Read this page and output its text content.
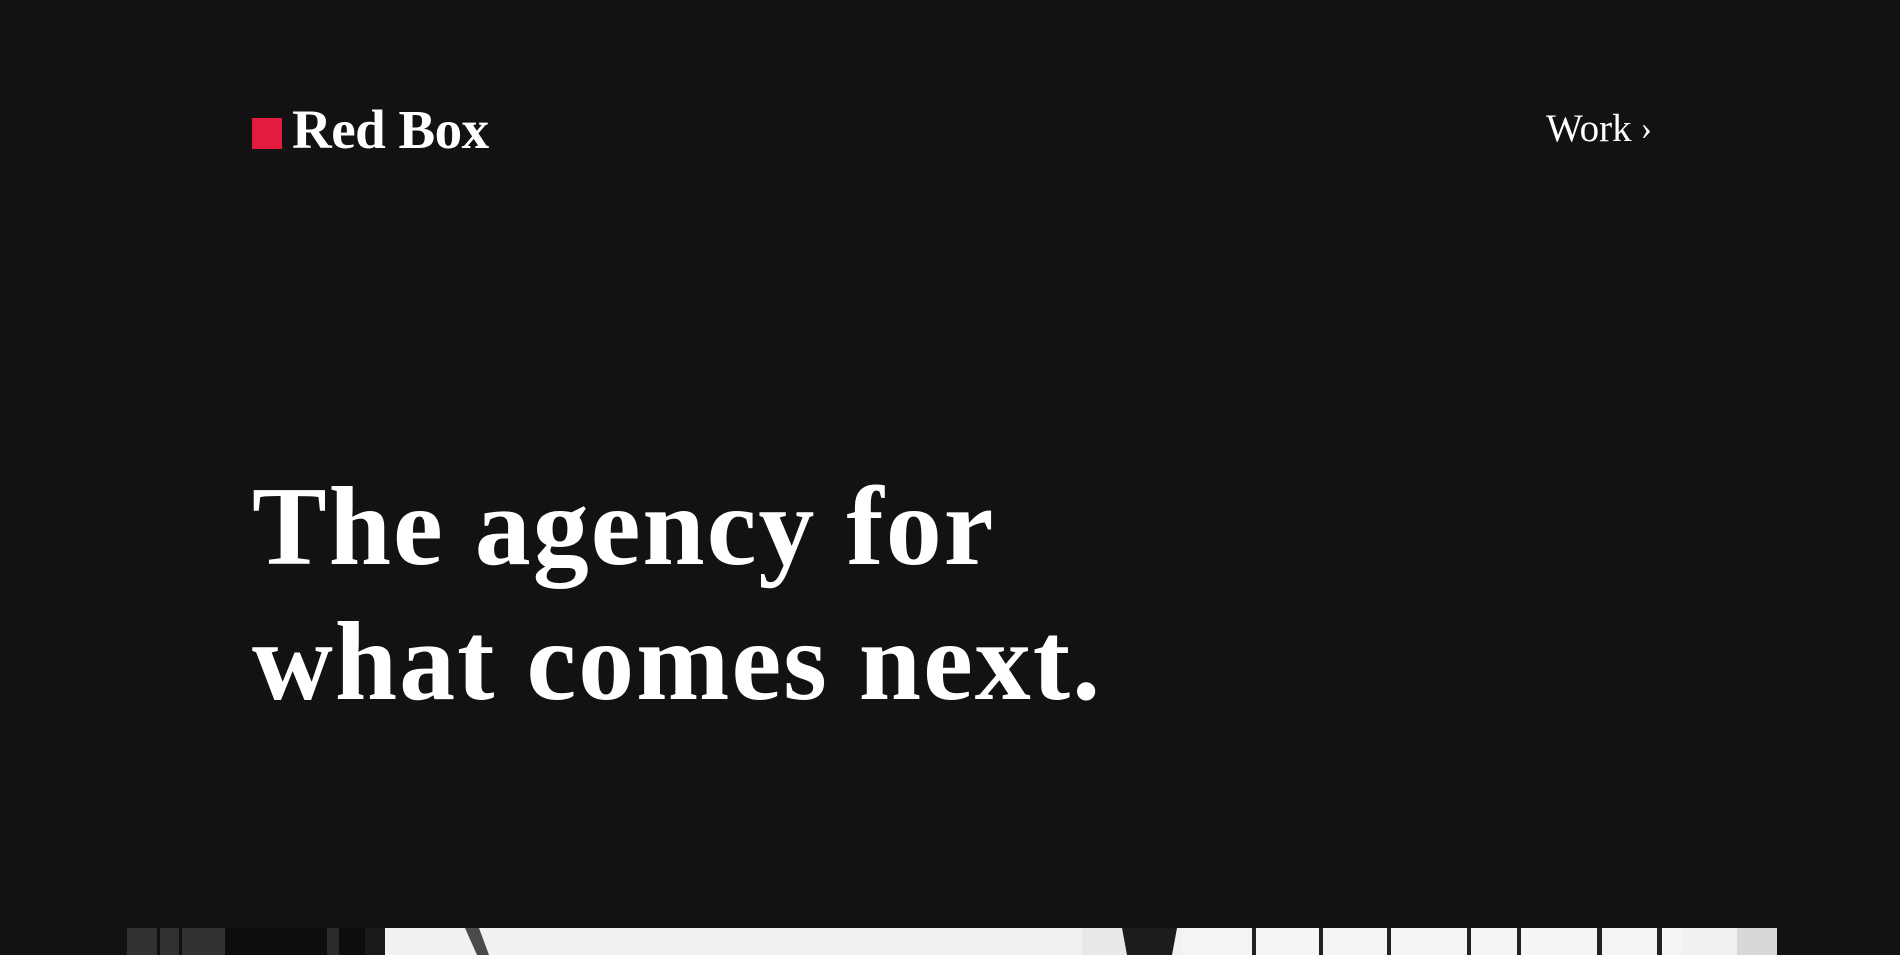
Red Box	Work ›
The agency for
what comes next.
